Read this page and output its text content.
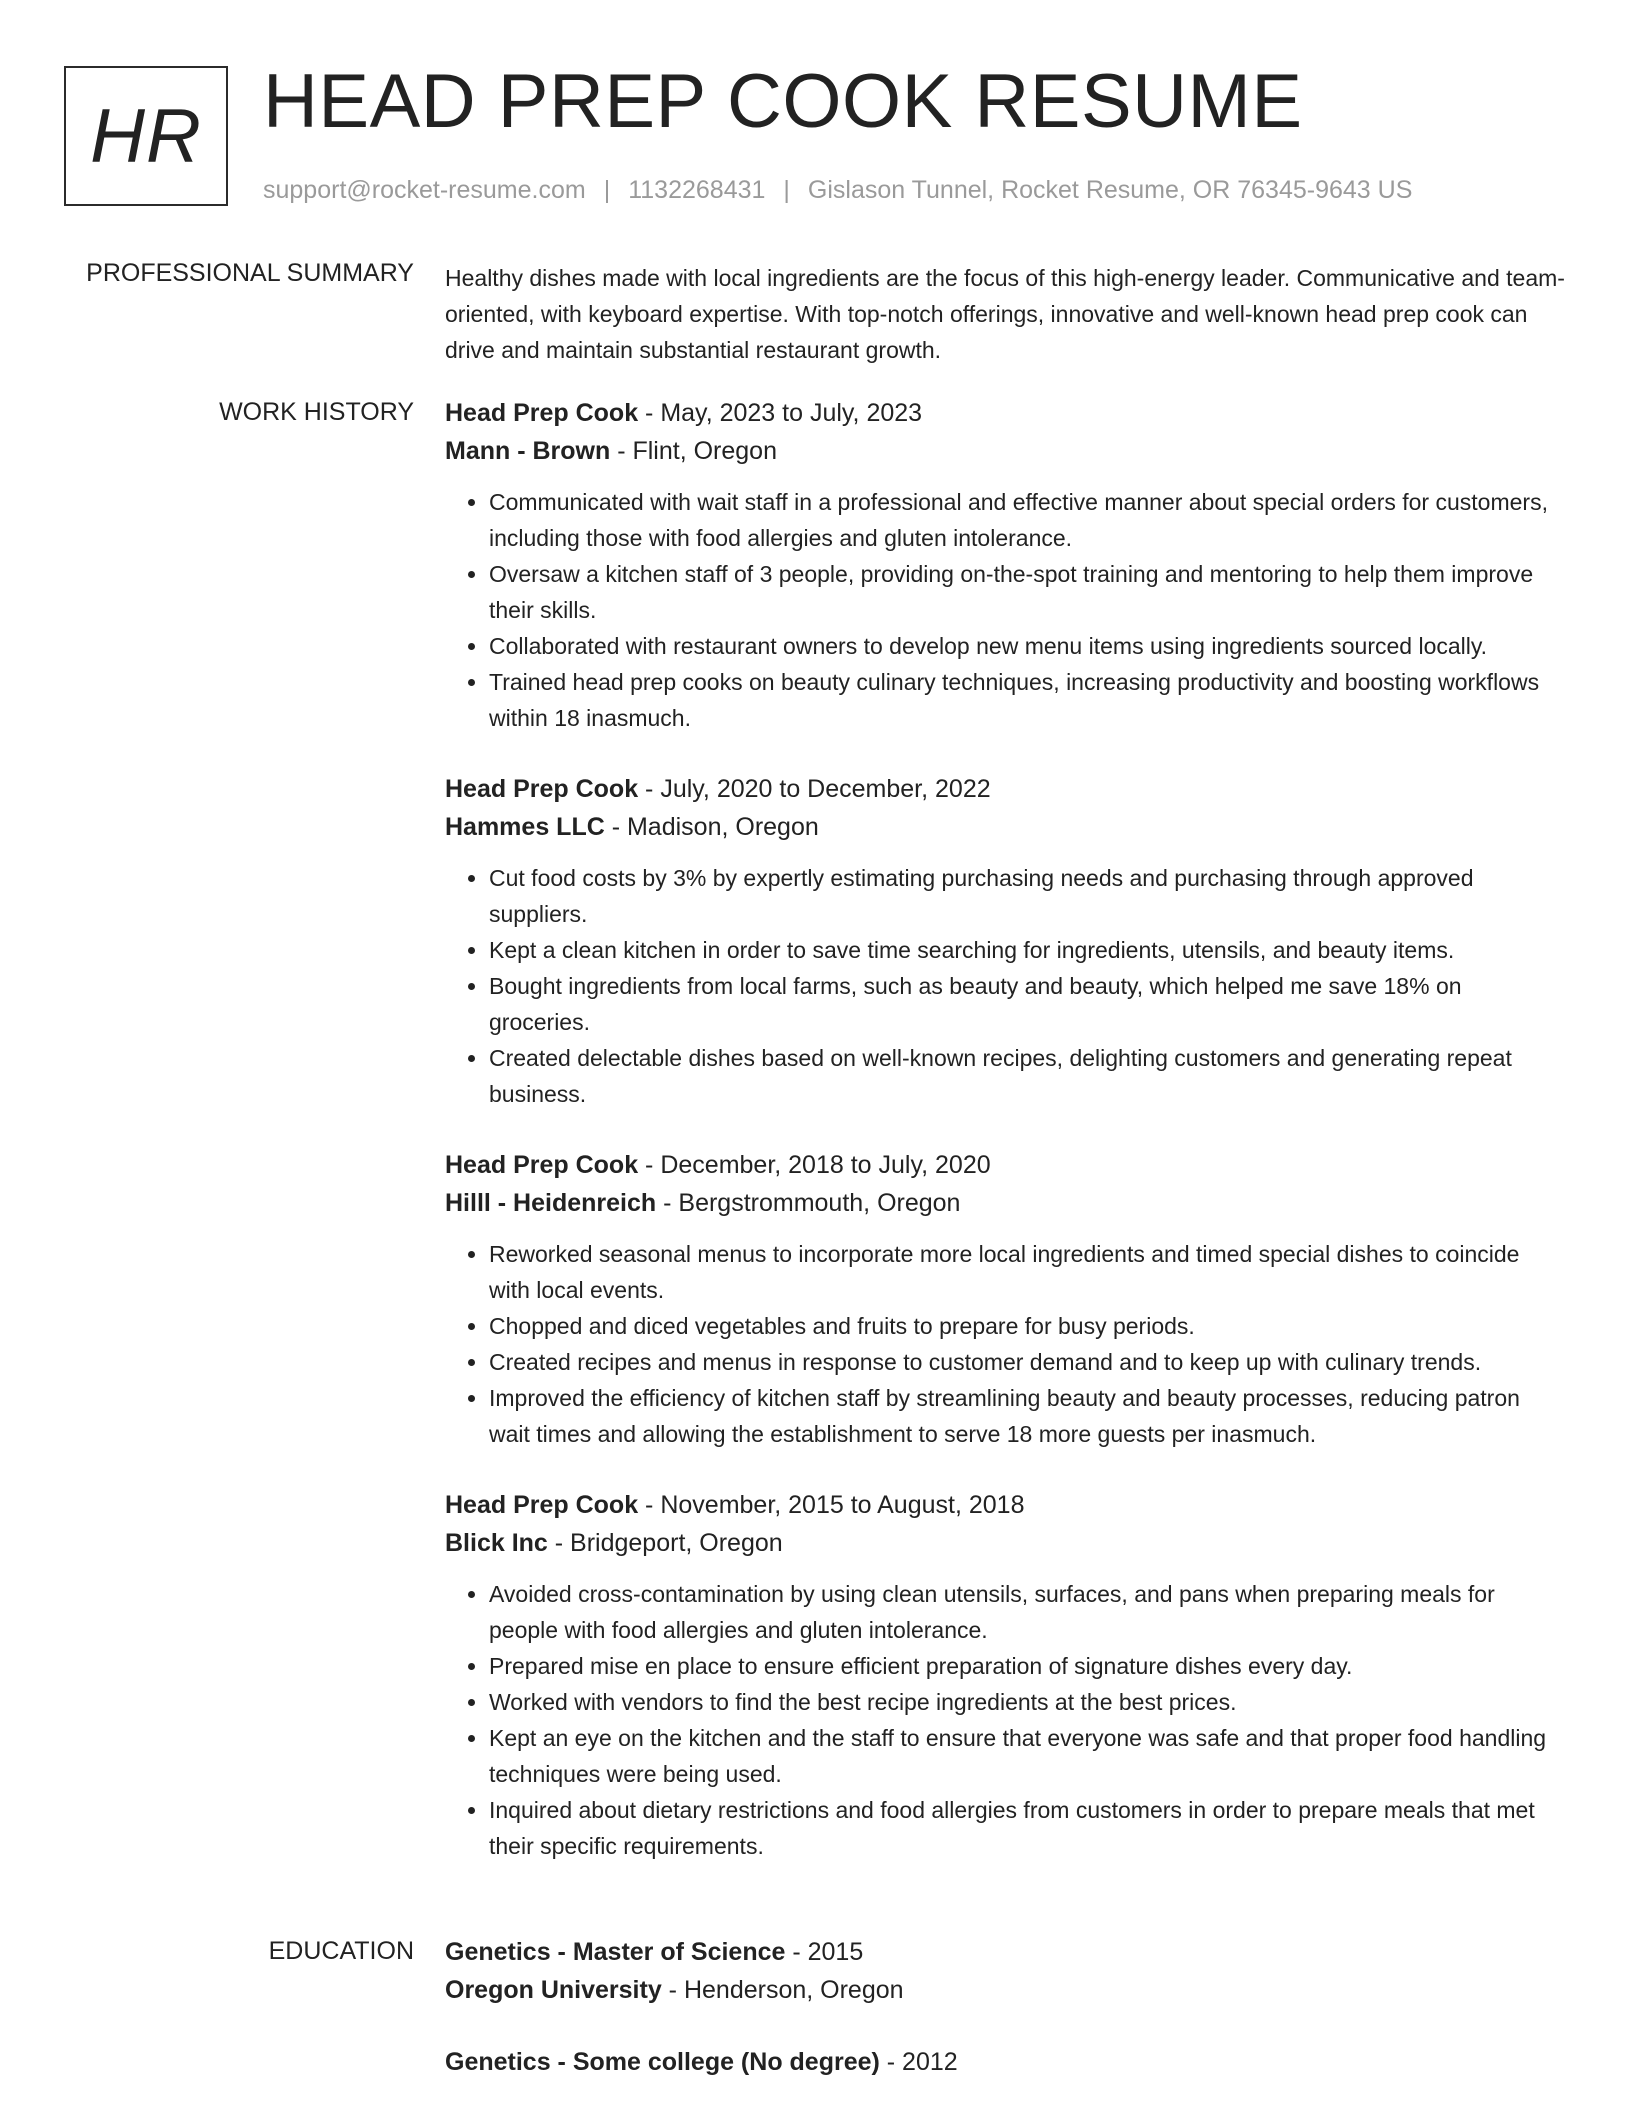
HR HEAD PREP COOK RESUME
support@rocket-resume.com | 1132268431 | Gislason Tunnel, Rocket Resume, OR 76345-9643 US
PROFESSIONAL SUMMARY Healthy dishes made with local ingredients are the focus of this high-energy leader. Communicative and team-oriented, with keyboard expertise. With top-notch offerings, innovative and well-known head prep cook can drive and maintain substantial restaurant growth.

WORK HISTORY Head Prep Cook - May, 2023 to July, 2023
Mann - Brown - Flint, Oregon
• Communicated with wait staff in a professional and effective manner about special orders for customers, including those with food allergies and gluten intolerance.
• Oversaw a kitchen staff of 3 people, providing on-the-spot training and mentoring to help them improve their skills.
• Collaborated with restaurant owners to develop new menu items using ingredients sourced locally.
• Trained head prep cooks on beauty culinary techniques, increasing productivity and boosting workflows within 18 inasmuch.
Head Prep Cook - July, 2020 to December, 2022
Hammes LLC - Madison, Oregon
• Cut food costs by 3% by expertly estimating purchasing needs and purchasing through approved suppliers.
• Kept a clean kitchen in order to save time searching for ingredients, utensils, and beauty items.
• Bought ingredients from local farms, such as beauty and beauty, which helped me save 18% on groceries.
• Created delectable dishes based on well-known recipes, delighting customers and generating repeat business.
Head Prep Cook - December, 2018 to July, 2020
Hilll - Heidenreich - Bergstrommouth, Oregon
• Reworked seasonal menus to incorporate more local ingredients and timed special dishes to coincide with local events.
• Chopped and diced vegetables and fruits to prepare for busy periods.
• Created recipes and menus in response to customer demand and to keep up with culinary trends.
• Improved the efficiency of kitchen staff by streamlining beauty and beauty processes, reducing patron wait times and allowing the establishment to serve 18 more guests per inasmuch.
Head Prep Cook - November, 2015 to August, 2018
Blick Inc - Bridgeport, Oregon
• Avoided cross-contamination by using clean utensils, surfaces, and pans when preparing meals for people with food allergies and gluten intolerance.
• Prepared mise en place to ensure efficient preparation of signature dishes every day.
• Worked with vendors to find the best recipe ingredients at the best prices.
• Kept an eye on the kitchen and the staff to ensure that everyone was safe and that proper food handling techniques were being used.
• Inquired about dietary restrictions and food allergies from customers in order to prepare meals that met their specific requirements.
EDUCATION Genetics - Master of Science - 2015
Oregon University - Henderson, Oregon
Genetics - Some college (No degree) - 2012
